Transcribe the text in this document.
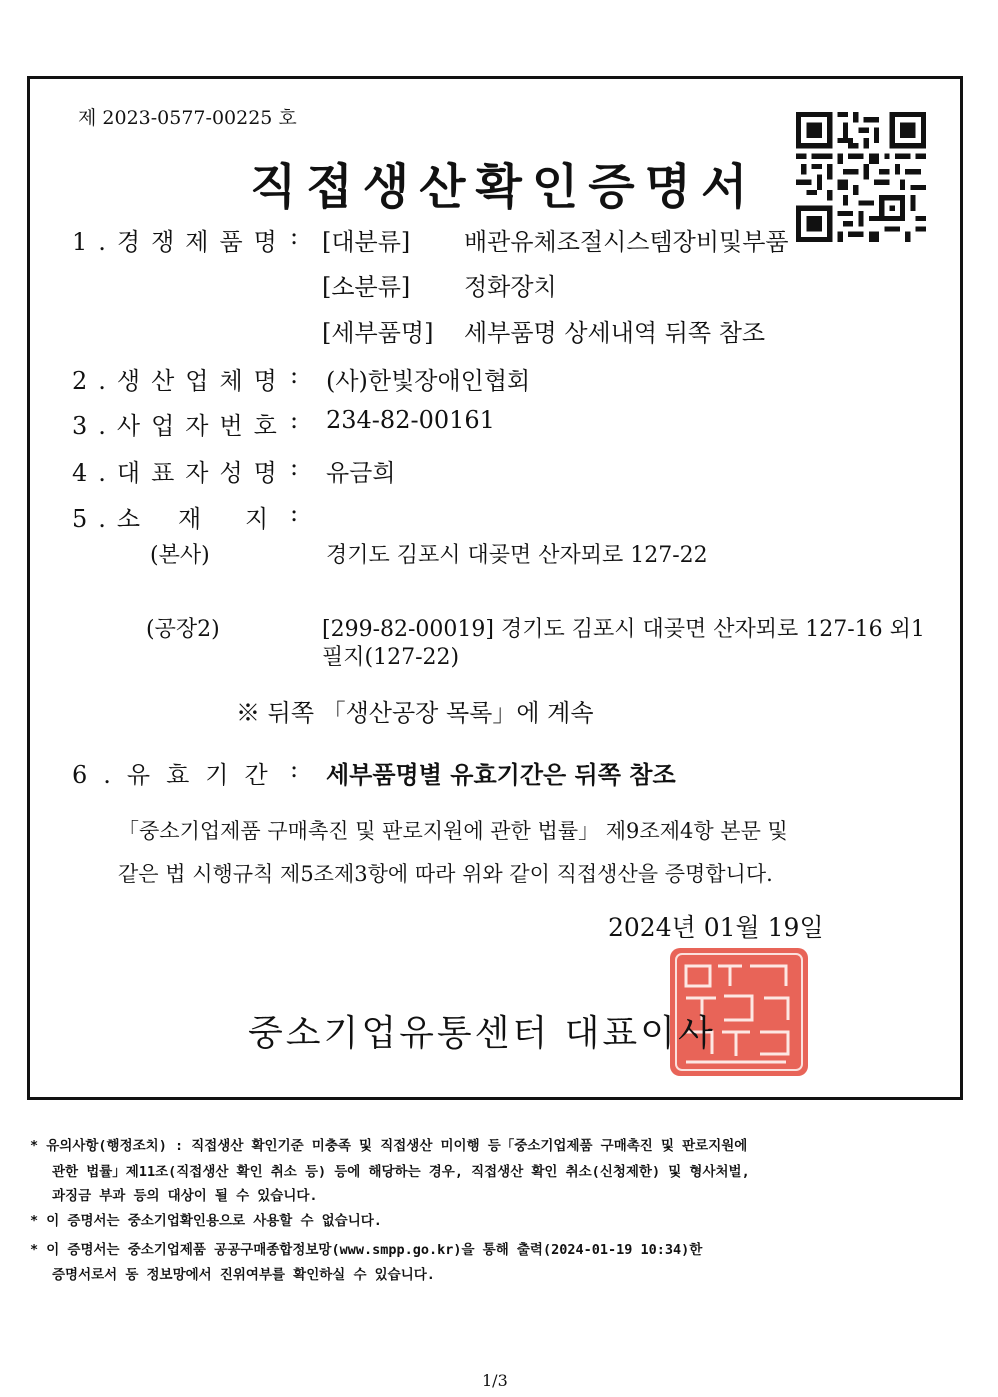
제 2023-0577-00225 호
직접생산확인증명서
1.경쟁제품명 : [대분류] 배관유체조절시스템장비및부품
[소분류] 정화장치
[세부품명] 세부품명 상세내역 뒤쪽 참조
2.생산업체명 : (사)한빛장애인협회
3.사업자번호 : 234-82-00161
4.대표자성명 : 유금희
5.소 재 지 :
(본사)	경기도 김포시 대곶면 산자뫼로 127-22
(공장2)	[299-82-00019] 경기도 김포시 대곶면 산자뫼로 127-16 외1
필지(127-22)
※ 뒤쪽 「생산공장 목록」에 계속
6.유효기간 : 세부품명별 유효기간은 뒤쪽 참조
「중소기업제품 구매촉진 및 판로지원에 관한 법률」 제9조제4항 본문 및
같은 법 시행규칙 제5조제3항에 따라 위와 같이 직접생산을 증명합니다.
2024년 01월 19일
중소기업유통센터 대표이사
* 유의사항(행정조치) : 직접생산 확인기준 미충족 및 직접생산 미이행 등「중소기업제품 구매촉진 및 판로지원에
관한 법률」제11조(직접생산 확인 취소 등) 등에 해당하는 경우, 직접생산 확인 취소(신청제한) 및 형사처벌,
과징금 부과 등의 대상이 될 수 있습니다.
* 이 증명서는 중소기업확인용으로 사용할 수 없습니다.
* 이 증명서는 중소기업제품 공공구매종합정보망(www.smpp.go.kr)을 통해 출력(2024-01-19 10:34)한
증명서로서 동 정보망에서 진위여부를 확인하실 수 있습니다.
1/3
